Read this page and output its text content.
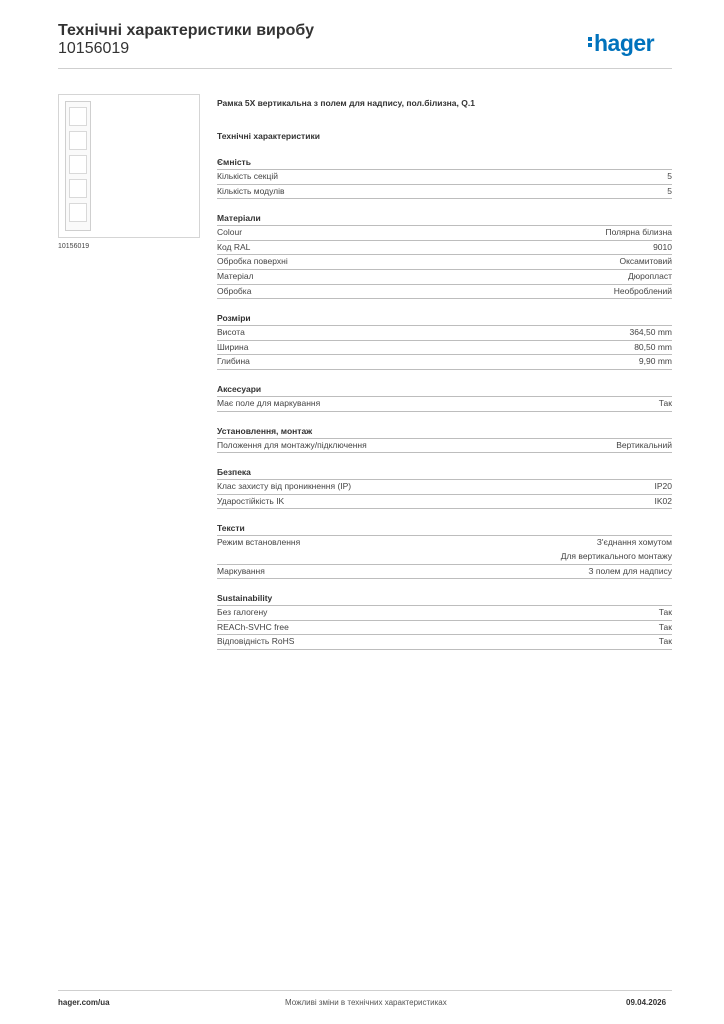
Технічні характеристики виробу
10156019	hager
10156019
Рамка 5X вертикальна з полем для надпису, пол.білизна, Q.1
Технічні характеристики
Ємність
Кількість секцій	5
Кількість модулів	5
Матеріали
Colour	Полярна білизна
Код RAL	9010
Обробка поверхні	Оксамитовий
Матеріал	Дюропласт
Обробка	Необроблений
Розміри
Висота	364,50 mm
Ширина	80,50 mm
Глибина	9,90 mm
Аксесуари
Має поле для маркування	Так
Установлення, монтаж
Положення для монтажу/підключення	Вертикальний
Безпека
Клас захисту від проникнення (IP)	IP20
Ударостійкість IK	IK02
Тексти
Режим встановлення	З'єднання хомутом
Для вертикального монтажу
Маркування	З полем для надпису
Sustainability
Без галогену	Так
REACh-SVHC free	Так
Відповідність RoHS	Так
hager.com/ua	Можливі зміни в технічних характеристиках	09.04.2026
